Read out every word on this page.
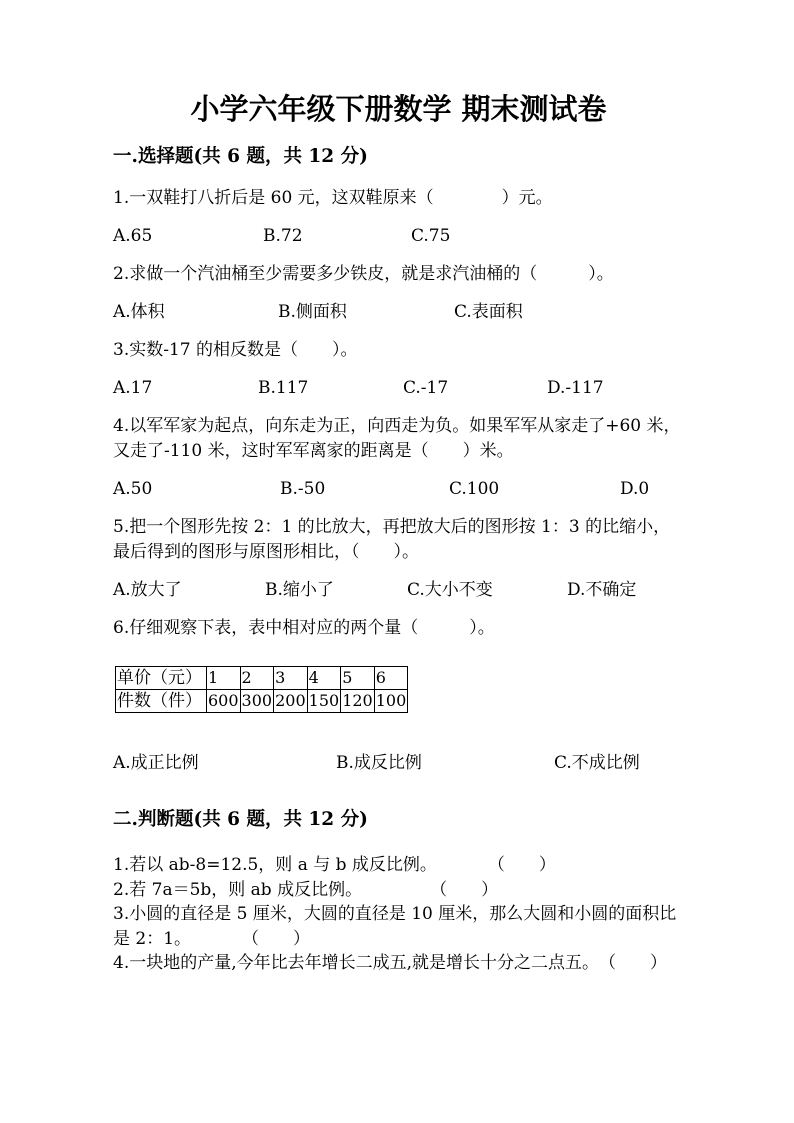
小学六年级下册数学 期末测试卷
一.选择题(共 6 题，共 12 分)

1.一双鞋打八折后是 60 元，这双鞋原来（　　　　）元。

A.65	B.72	C.75

2.求做一个汽油桶至少需要多少铁皮，就是求汽油桶的（　　　）。

A.体积	B.侧面积	C.表面积

3.实数-17 的相反数是（　　）。

A.17	B.117	C.-17	D.-117

4.以军军家为起点，向东走为正，向西走为负。如果军军从家走了+60 米，又走了-110 米，这时军军离家的距离是（　　）米。

A.50	B.-50	C.100	D.0

5.把一个图形先按 2：1 的比放大，再把放大后的图形按 1：3 的比缩小，最后得到的图形与原图形相比，（　　）。

A.放大了	B.缩小了	C.大小不变	D.不确定

6.仔细观察下表，表中相对应的两个量（　　　）。

单价（元）	1	2	3	4	5	6
件数（件）	600	300	200	150	120	100
A.成正比例	B.成反比例	C.不成比例
二.判断题(共 6 题，共 12 分)

1.若以 ab-8=12.5，则 a 与 b 成反比例。　　　　（　　）

2.若 7a＝5b，则 ab 成反比例。　　　　　（　　）

3.小圆的直径是 5 厘米，大圆的直径是 10 厘米，那么大圆和小圆的面积比是 2：1。　　　　（　　）

4.一块地的产量,今年比去年增长二成五,就是增长十分之二点五。　（　　）
